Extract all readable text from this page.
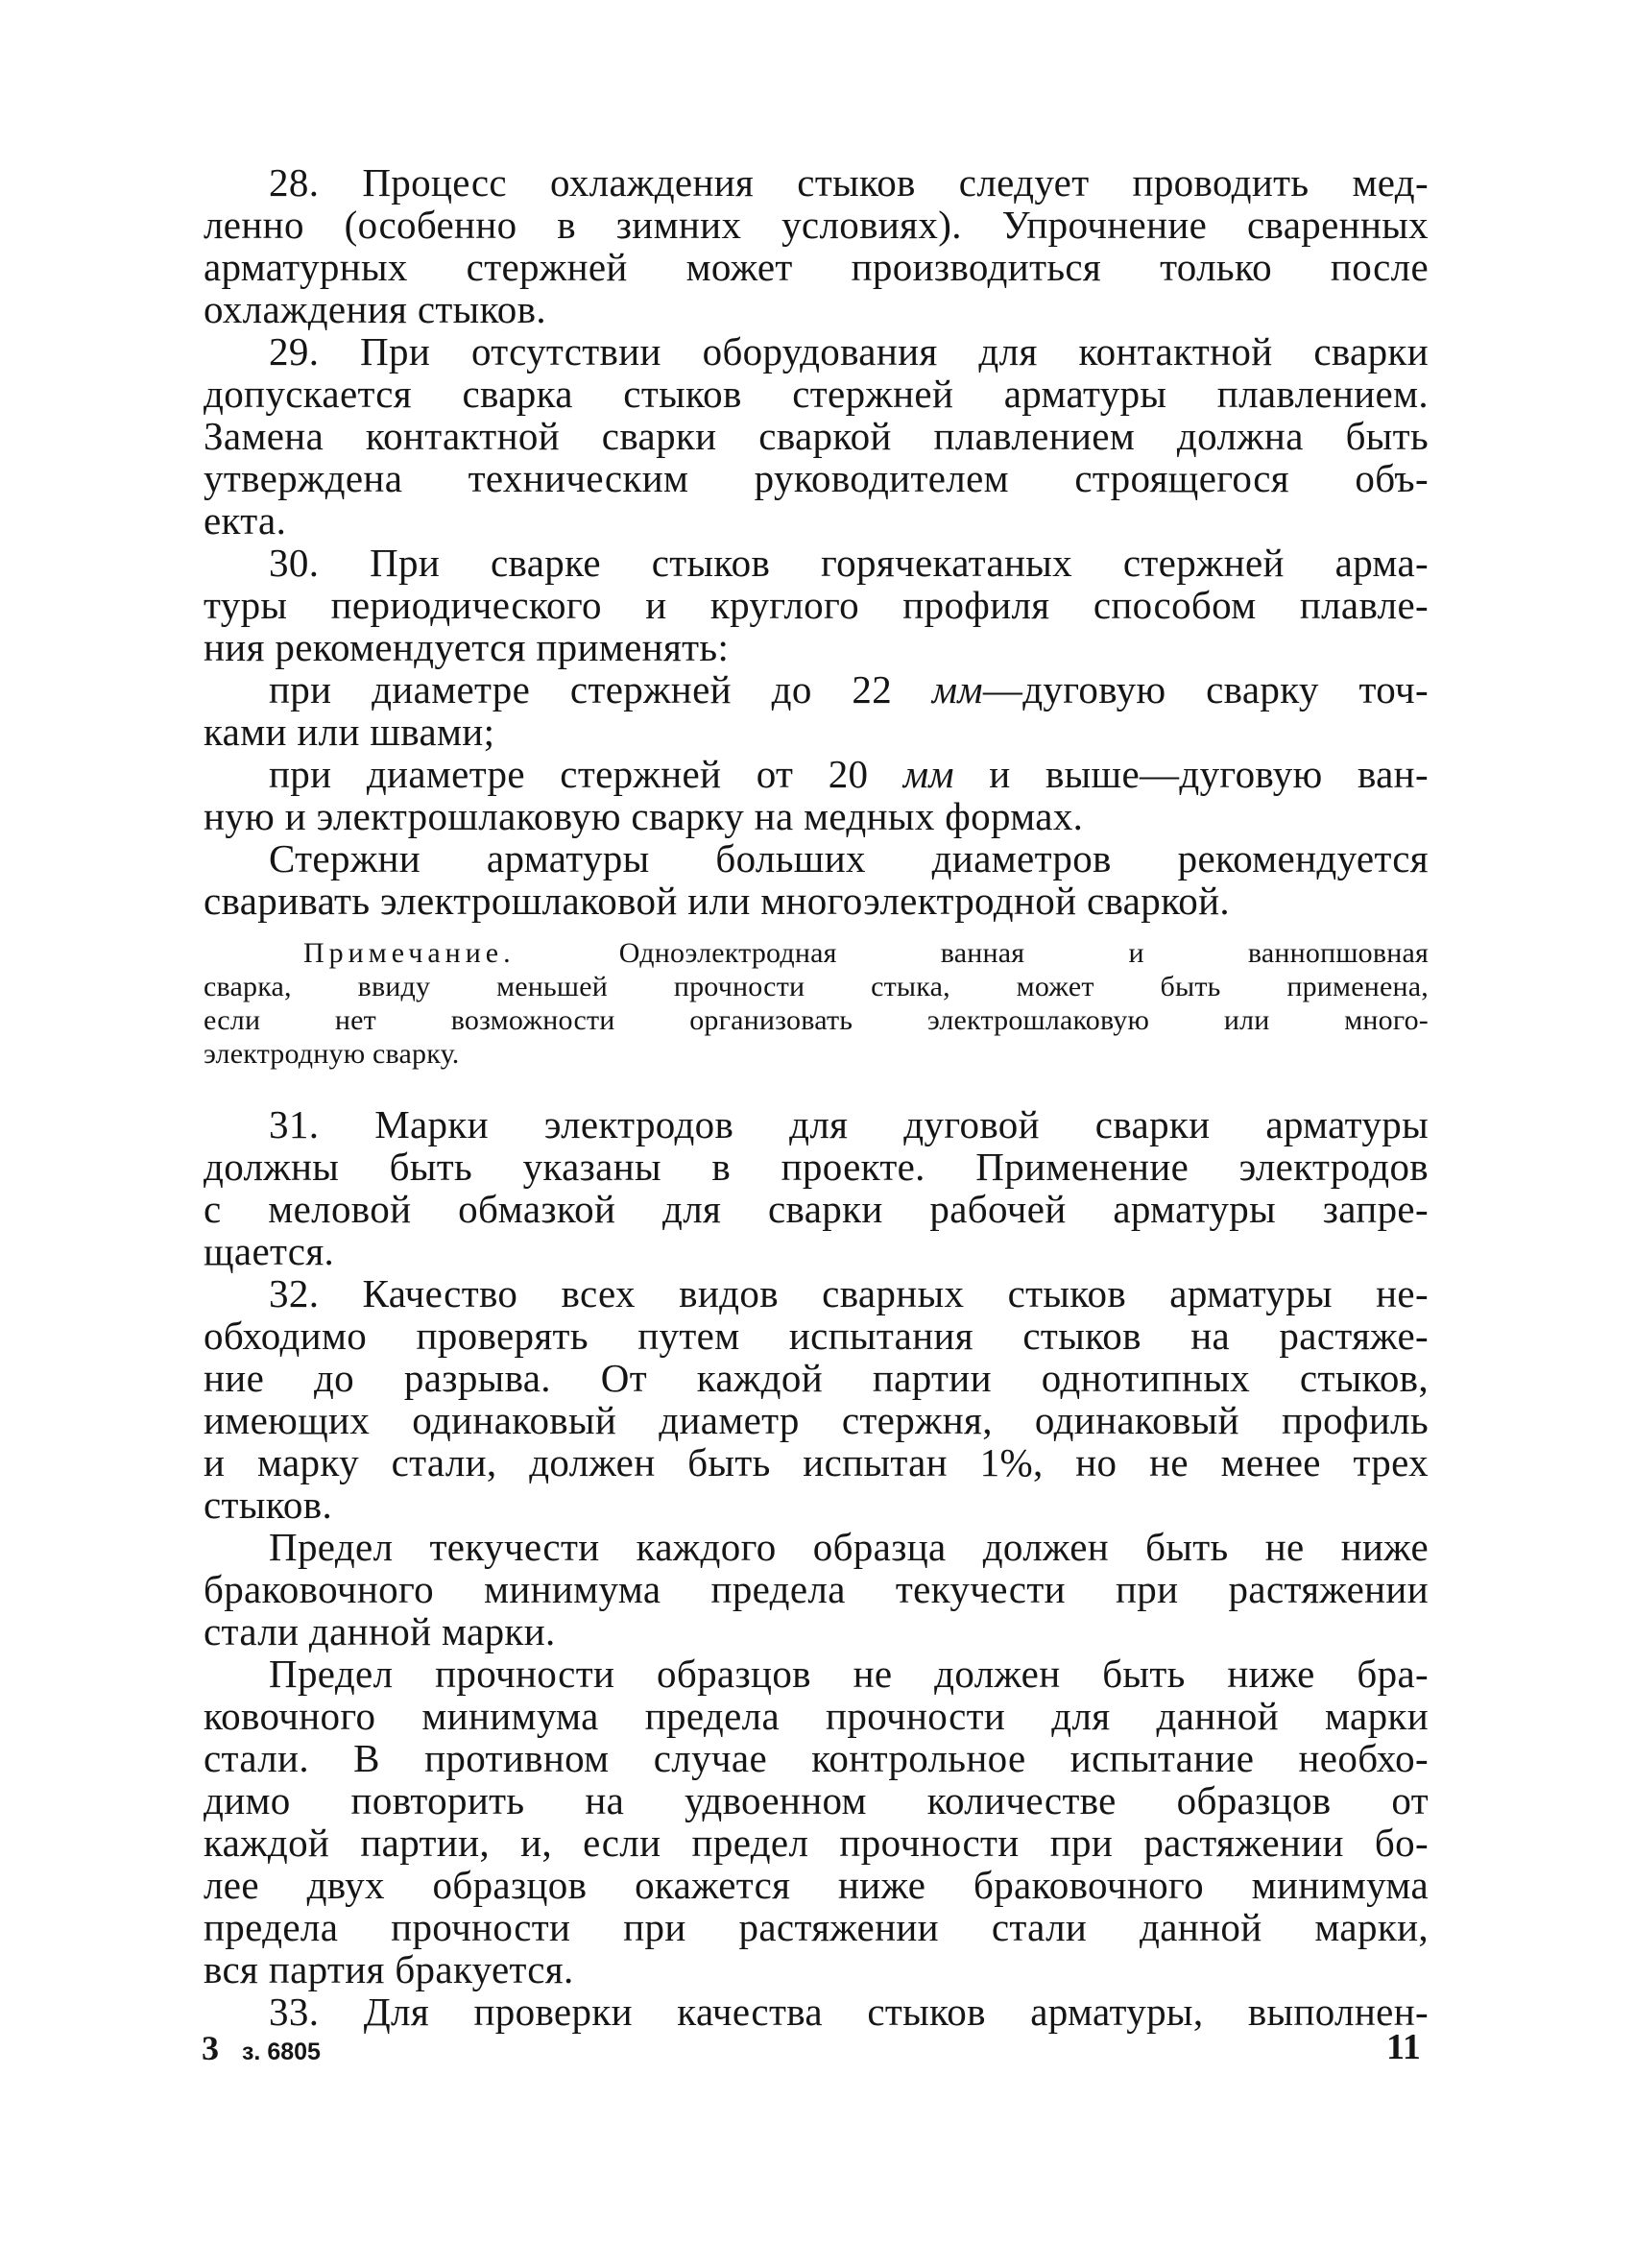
28. Процесс охлаждения стыков следует проводить мед-

ленно (особенно в зимних условиях). Упрочнение сваренных

арматурных стержней может производиться только после

охлаждения стыков.

29. При отсутствии оборудования для контактной сварки

допускается сварка стыков стержней арматуры плавлением.

Замена контактной сварки сваркой плавлением должна быть

утверждена техническим руководителем строящегося объ-

екта.

30. При сварке стыков горячекатаных стержней арма-

туры периодического и круглого профиля способом плавле-

ния рекомендуется применять:

при диаметре стержней до 22 мм—дуговую сварку точ-

ками или швами;

при диаметре стержней от 20 мм и выше—дуговую ван-

ную и электрошлаковую сварку на медных формах.

Стержни арматуры больших диаметров рекомендуется

сваривать электрошлаковой или многоэлектродной сваркой.

Примечание. Одноэлектродная ванная и ваннопшовная

сварка, ввиду меньшей прочности стыка, может быть применена,

если нет возможности организовать электрошлаковую или много-

электродную сварку.

31. Марки электродов для дуговой сварки арматуры

должны быть указаны в проекте. Применение электродов

с меловой обмазкой для сварки рабочей арматуры запре-

щается.

32. Качество всех видов сварных стыков арматуры не-

обходимо проверять путем испытания стыков на растяже-

ние до разрыва. От каждой партии однотипных стыков,

имеющих одинаковый диаметр стержня, одинаковый профиль

и марку стали, должен быть испытан 1%, но не менее трех

стыков.

Предел текучести каждого образца должен быть не ниже

браковочного минимума предела текучести при растяжении

стали данной марки.

Предел прочности образцов не должен быть ниже бра-

ковочного минимума предела прочности для данной марки

стали. В противном случае контрольное испытание необхо-

димо повторить на удвоенном количестве образцов от

каждой партии, и, если предел прочности при растяжении бо-

лее двух образцов окажется ниже браковочного минимума

предела прочности при растяжении стали данной марки,

вся партия бракуется.

33. Для проверки качества стыков арматуры, выполнен-

3 з. 6805	11
